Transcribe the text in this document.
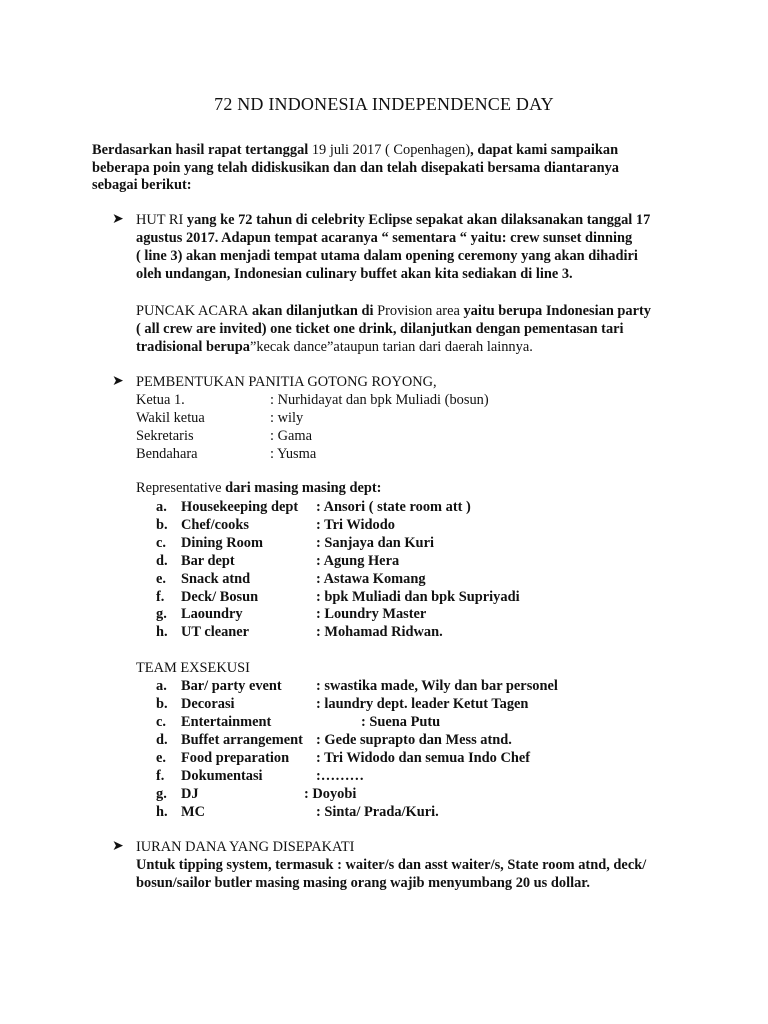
72 ND INDONESIA INDEPENDENCE DAY
Berdasarkan hasil rapat tertanggal 19 juli 2017 ( Copenhagen), dapat kami sampaikan
beberapa poin yang telah didiskusikan dan dan telah disepakati bersama diantaranya
sebagai berikut:
➤ HUT RI yang ke 72 tahun di celebrity Eclipse sepakat akan dilaksanakan tanggal 17
agustus 2017. Adapun tempat acaranya “ sementara “ yaitu: crew sunset dinning
( line 3) akan menjadi tempat utama dalam opening ceremony yang akan dihadiri
oleh undangan, Indonesian culinary buffet akan kita sediakan di line 3.
PUNCAK ACARA akan dilanjutkan di Provision area yaitu berupa Indonesian party
( all crew are invited) one ticket one drink, dilanjutkan dengan pementasan tari
tradisional berupa”kecak dance”ataupun tarian dari daerah lainnya.
➤ PEMBENTUKAN PANITIA GOTONG ROYONG,
Ketua 1.	: Nurhidayat dan bpk Muliadi (bosun)
Wakil ketua	: wily
Sekretaris	: Gama
Bendahara	: Yusma
Representative dari masing masing dept:
a. Housekeeping dept : Ansori ( state room att )
b. Chef/cooks	: Tri Widodo
c. Dining Room	: Sanjaya dan Kuri
d. Bar dept	: Agung Hera
e. Snack atnd	: Astawa Komang
f. Deck/ Bosun	: bpk Muliadi dan bpk Supriyadi
g. Laoundry	: Loundry Master
h. UT cleaner	: Mohamad Ridwan.
TEAM EXSEKUSI
a. Bar/ party event : swastika made, Wily dan bar personel
b. Decorasi	: laundry dept. leader Ketut Tagen
c. Entertainment	: Suena Putu
d. Buffet arrangement : Gede suprapto dan Mess atnd.
e. Food preparation : Tri Widodo dan semua Indo Chef
f. Dokumentasi	:………
g. DJ	: Doyobi
h. MC	: Sinta/ Prada/Kuri.
➤ IURAN DANA YANG DISEPAKATI
Untuk tipping system, termasuk : waiter/s dan asst waiter/s, State room atnd, deck/
bosun/sailor butler masing masing orang wajib menyumbang 20 us dollar.
